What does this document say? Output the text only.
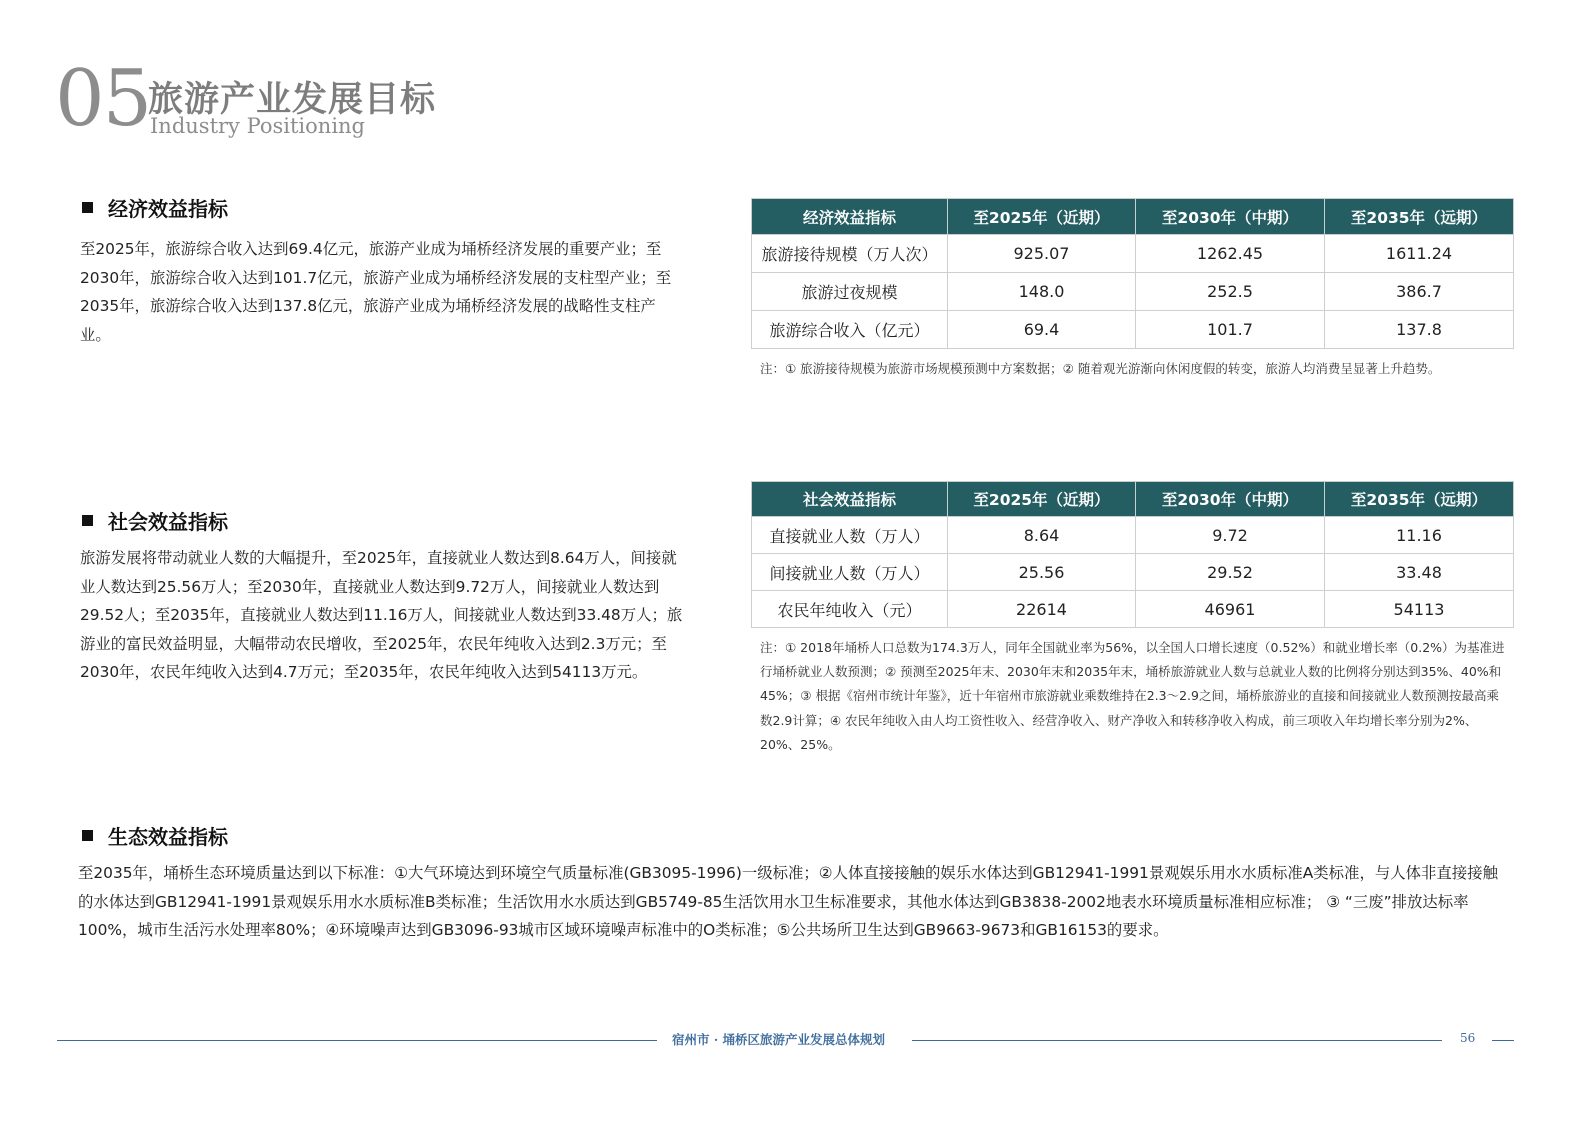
05
旅游产业发展目标
Industry Positioning
经济效益指标
至2025年，旅游综合收入达到69.4亿元，旅游产业成为埇桥经济发展的重要产业；至2030年，旅游综合收入达到101.7亿元，旅游产业成为埇桥经济发展的支柱型产业；至2035年，旅游综合收入达到137.8亿元，旅游产业成为埇桥经济发展的战略性支柱产业。
经济效益指标	至2025年（近期）	至2030年（中期）	至2035年（远期）
旅游接待规模（万人次）	925.07	1262.45	1611.24
旅游过夜规模	148.0	252.5	386.7
旅游综合收入（亿元）	69.4	101.7	137.8
注：① 旅游接待规模为旅游市场规模预测中方案数据；② 随着观光游渐向休闲度假的转变，旅游人均消费呈显著上升趋势。
社会效益指标
旅游发展将带动就业人数的大幅提升，至2025年，直接就业人数达到8.64万人，间接就业人数达到25.56万人；至2030年，直接就业人数达到9.72万人，间接就业人数达到29.52人；至2035年，直接就业人数达到11.16万人，间接就业人数达到33.48万人；旅游业的富民效益明显，大幅带动农民增收，至2025年，农民年纯收入达到2.3万元；至2030年，农民年纯收入达到4.7万元；至2035年，农民年纯收入达到54113万元。
社会效益指标	至2025年（近期）	至2030年（中期）	至2035年（远期）
直接就业人数（万人）	8.64	9.72	11.16
间接就业人数（万人）	25.56	29.52	33.48
农民年纯收入（元）	22614	46961	54113
注：① 2018年埇桥人口总数为174.3万人，同年全国就业率为56%，以全国人口增长速度（0.52%）和就业增长率（0.2%）为基准进行埇桥就业人数预测；② 预测至2025年末、2030年末和2035年末，埇桥旅游就业人数与总就业人数的比例将分别达到35%、40%和45%；③ 根据《宿州市统计年鉴》，近十年宿州市旅游就业乘数维持在2.3～2.9之间，埇桥旅游业的直接和间接就业人数预测按最高乘数2.9计算；④ 农民年纯收入由人均工资性收入、经营净收入、财产净收入和转移净收入构成，前三项收入年均增长率分别为2%、20%、25%。
生态效益指标
至2035年，埇桥生态环境质量达到以下标准：①大气环境达到环境空气质量标准(GB3095-1996)一级标准；②人体直接接触的娱乐水体达到GB12941-1991景观娱乐用水水质标准A类标准，与人体非直接接触的水体达到GB12941-1991景观娱乐用水水质标准B类标准；生活饮用水水质达到GB5749-85生活饮用水卫生标准要求，其他水体达到GB3838-2002地表水环境质量标准相应标准； ③ “三废”排放达标率100%，城市生活污水处理率80%；④环境噪声达到GB3096-93城市区域环境噪声标准中的O类标准；⑤公共场所卫生达到GB9663-9673和GB16153的要求。
宿州市 · 埇桥区旅游产业发展总体规划	56
